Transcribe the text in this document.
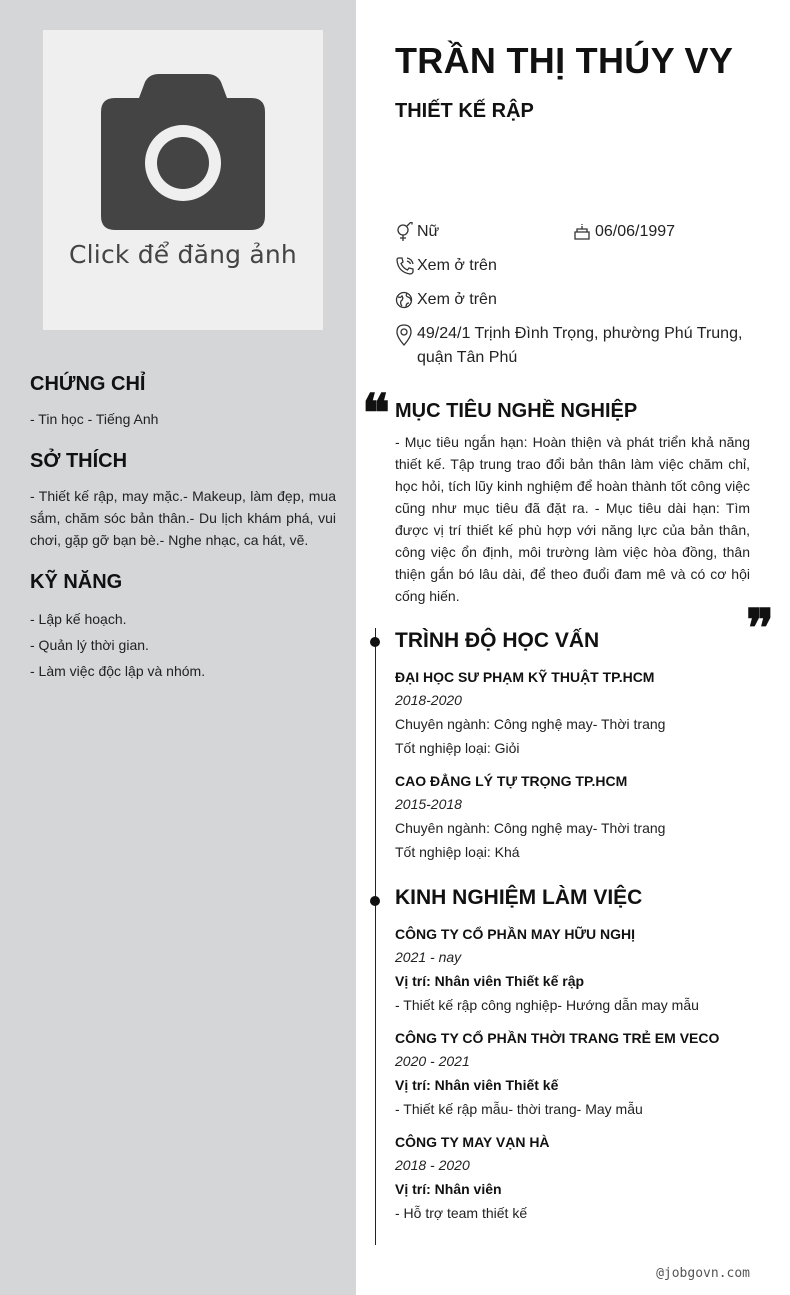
Click để đăng ảnh
CHỨNG CHỈ
- Tin học - Tiếng Anh
SỞ THÍCH
- Thiết kế rập, may mặc.- Makeup, làm đẹp, mua sắm, chăm sóc bản thân.- Du lịch khám phá, vui chơi, gặp gỡ bạn bè.- Nghe nhạc, ca hát, vẽ.
KỸ NĂNG
- Lập kế hoạch.
- Quản lý thời gian.
- Làm việc độc lập và nhóm.
TRẦN THỊ THÚY VY
THIẾT KẾ RẬP
Nữ	06/06/1997
Xem ở trên
Xem ở trên
49/24/1 Trịnh Đình Trọng, phường Phú Trung, quận Tân Phú
❝ MỤC TIÊU NGHỀ NGHIỆP
- Mục tiêu ngắn hạn: Hoàn thiện và phát triển khả năng thiết kế. Tập trung trao đổi bản thân làm việc chăm chỉ, học hỏi, tích lũy kinh nghiệm để hoàn thành tốt công việc cũng như mục tiêu đã đặt ra. - Mục tiêu dài hạn: Tìm được vị trí thiết kế phù hợp với năng lực của bản thân, công việc ổn định, môi trường làm việc hòa đồng, thân thiện gắn bó lâu dài, để theo đuổi đam mê và có cơ hội cống hiến.
❞
TRÌNH ĐỘ HỌC VẤN
ĐẠI HỌC SƯ PHẠM KỸ THUẬT TP.HCM
2018-2020
Chuyên ngành: Công nghệ may- Thời trang
Tốt nghiệp loại: Giỏi
CAO ĐẲNG LÝ TỰ TRỌNG TP.HCM
2015-2018
Chuyên ngành: Công nghệ may- Thời trang
Tốt nghiệp loại: Khá
KINH NGHIỆM LÀM VIỆC
CÔNG TY CỔ PHẦN MAY HỮU NGHỊ
2021 - nay
Vị trí: Nhân viên Thiết kế rập
- Thiết kế rập công nghiệp- Hướng dẫn may mẫu
CÔNG TY CỔ PHẦN THỜI TRANG TRẺ EM VECO
2020 - 2021
Vị trí: Nhân viên Thiết kế
- Thiết kế rập mẫu- thời trang- May mẫu
CÔNG TY MAY VẠN HÀ
2018 - 2020
Vị trí: Nhân viên
- Hỗ trợ team thiết kế
@jobgovn.com
